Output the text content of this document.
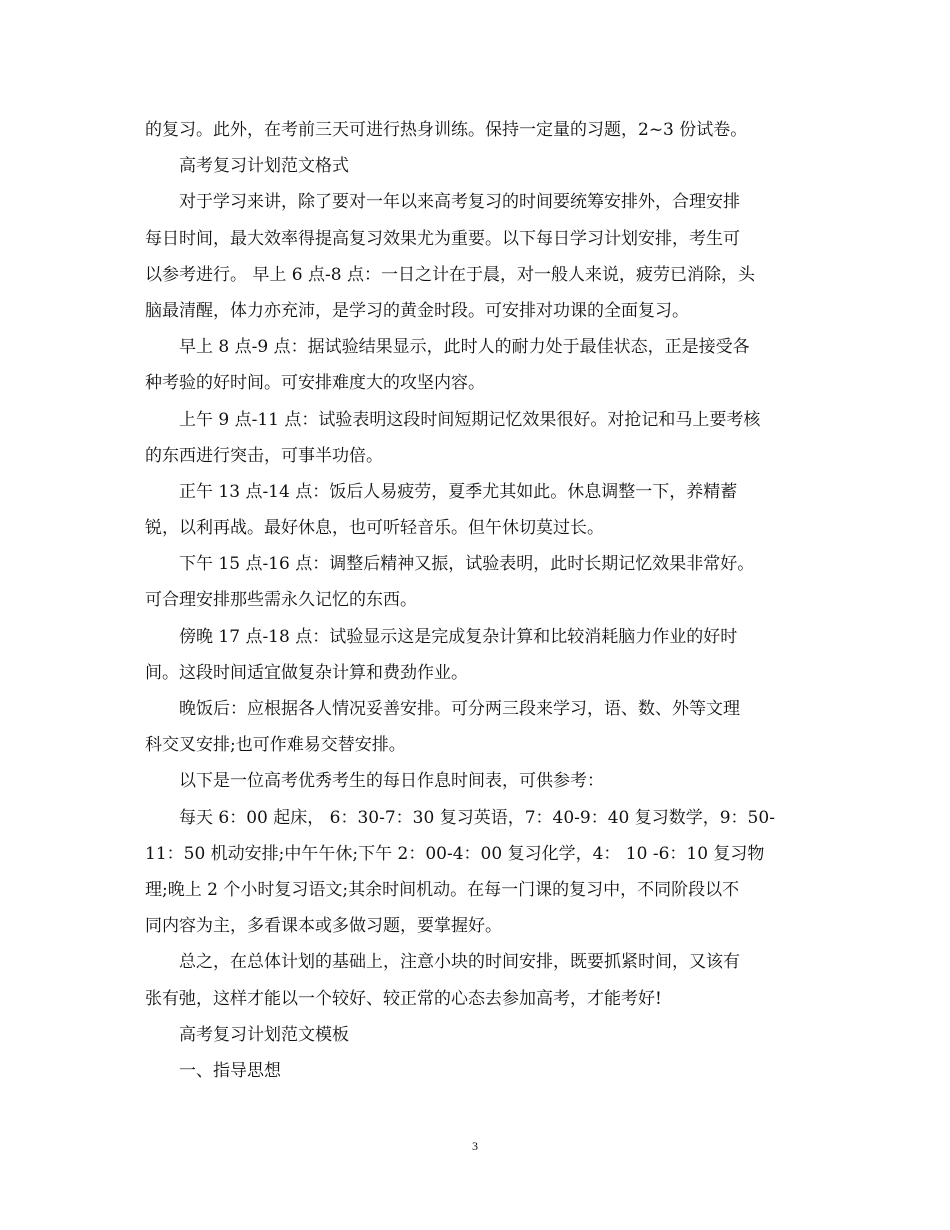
的复习。此外，在考前三天可进行热身训练。保持一定量的习题，2~3 份试卷。
高考复习计划范文格式
对于学习来讲，除了要对一年以来高考复习的时间要统筹安排外，合理安排
每日时间，最大效率得提高复习效果尤为重要。以下每日学习计划安排，考生可
以参考进行。 早上 6 点-8 点：一日之计在于晨，对一般人来说，疲劳已消除，头
脑最清醒，体力亦充沛，是学习的黄金时段。可安排对功课的全面复习。
早上 8 点-9 点：据试验结果显示，此时人的耐力处于最佳状态，正是接受各
种考验的好时间。可安排难度大的攻坚内容。
上午 9 点-11 点：试验表明这段时间短期记忆效果很好。对抢记和马上要考核
的东西进行突击，可事半功倍。
正午 13 点-14 点：饭后人易疲劳，夏季尤其如此。休息调整一下，养精蓄
锐，以利再战。最好休息，也可听轻音乐。但午休切莫过长。
下午 15 点-16 点：调整后精神又振，试验表明，此时长期记忆效果非常好。
可合理安排那些需永久记忆的东西。
傍晚 17 点-18 点：试验显示这是完成复杂计算和比较消耗脑力作业的好时
间。这段时间适宜做复杂计算和费劲作业。
晚饭后：应根据各人情况妥善安排。可分两三段来学习，语、数、外等文理
科交叉安排;也可作难易交替安排。
以下是一位高考优秀考生的每日作息时间表，可供参考：
每天 6：00 起床， 6：30-7：30 复习英语，7：40-9：40 复习数学，9：50-
11：50 机动安排;中午午休;下午 2：00-4：00 复习化学，4： 10 -6：10 复习物
理;晚上 2 个小时复习语文;其余时间机动。在每一门课的复习中，不同阶段以不
同内容为主，多看课本或多做习题，要掌握好。
总之，在总体计划的基础上，注意小块的时间安排，既要抓紧时间，又该有
张有弛，这样才能以一个较好、较正常的心态去参加高考，才能考好!
高考复习计划范文模板
一、指导思想
3
